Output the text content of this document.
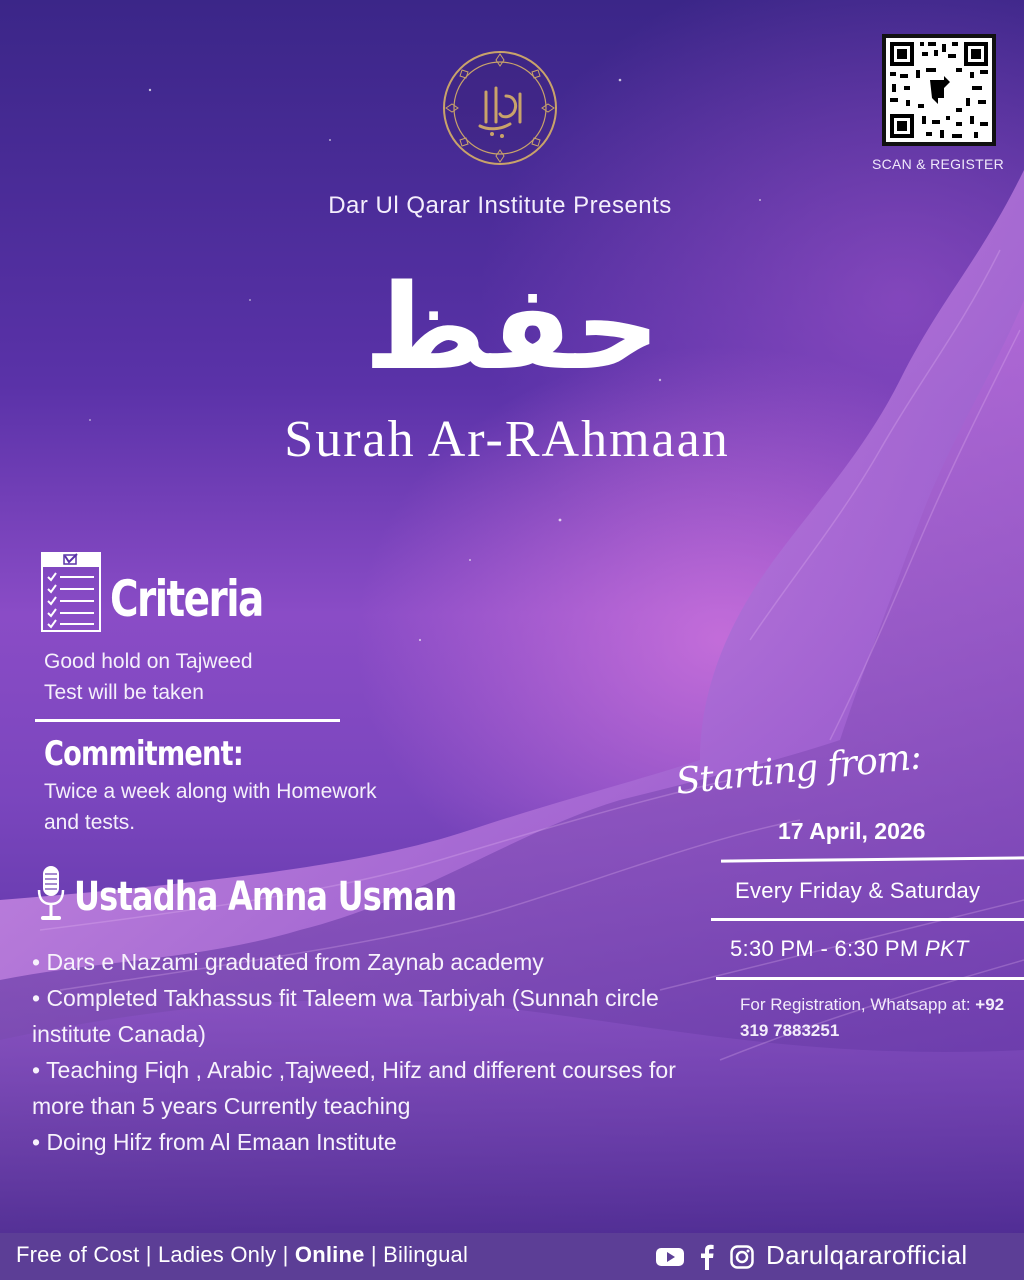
Dar Ul Qarar Institute Presents
حفظ
Surah Ar-RAhmaan
SCAN & REGISTER
Criteria
Good hold on Tajweed
Test will be taken
Commitment:
Twice a week along with Homework and tests.
Ustadha Amna Usman

• Dars e Nazami graduated from Zaynab academy

• Completed Takhassus fit Taleem wa Tarbiyah (Sunnah circle institute Canada)

• Teaching Fiqh , Arabic ,Tajweed, Hifz and different courses for more than 5 years Currently teaching

• Doing Hifz from Al Emaan Institute

Starting from:
17 April, 2026
Every Friday & Saturday
5:30 PM - 6:30 PM PKT
For Registration, Whatsapp at: +92 319 7883251
Free of Cost | Ladies Only | Online | Bilingual	Darulqararofficial
